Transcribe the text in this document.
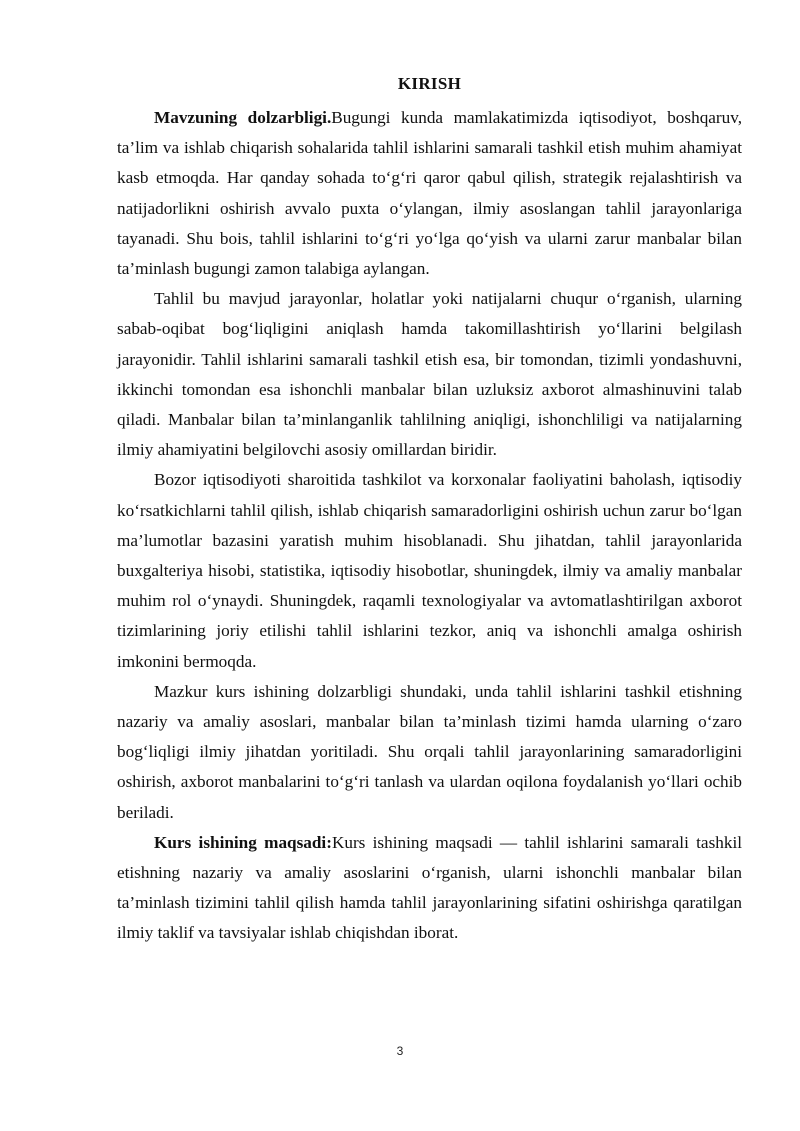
KIRISH

Mavzuning dolzarbligi.Bugungi kunda mamlakatimizda iqtisodiyot, boshqaruv, ta’lim va ishlab chiqarish sohalarida tahlil ishlarini samarali tashkil etish muhim ahamiyat kasb etmoqda. Har qanday sohada to‘g‘ri qaror qabul qilish, strategik rejalashtirish va natijadorlikni oshirish avvalo puxta o‘ylangan, ilmiy asoslangan tahlil jarayonlariga tayanadi. Shu bois, tahlil ishlarini to‘g‘ri yo‘lga qo‘yish va ularni zarur manbalar bilan ta’minlash bugungi zamon talabiga aylangan.

Tahlil bu mavjud jarayonlar, holatlar yoki natijalarni chuqur o‘rganish, ularning sabab-oqibat bog‘liqligini aniqlash hamda takomillashtirish yo‘llarini belgilash jarayonidir. Tahlil ishlarini samarali tashkil etish esa, bir tomondan, tizimli yondashuvni, ikkinchi tomondan esa ishonchli manbalar bilan uzluksiz axborot almashinuvini talab qiladi. Manbalar bilan ta’minlanganlik tahlilning aniqligi, ishonchliligi va natijalarning ilmiy ahamiyatini belgilovchi asosiy omillardan biridir.

Bozor iqtisodiyoti sharoitida tashkilot va korxonalar faoliyatini baholash, iqtisodiy ko‘rsatkichlarni tahlil qilish, ishlab chiqarish samaradorligini oshirish uchun zarur bo‘lgan ma’lumotlar bazasini yaratish muhim hisoblanadi. Shu jihatdan, tahlil jarayonlarida buxgalteriya hisobi, statistika, iqtisodiy hisobotlar, shuningdek, ilmiy va amaliy manbalar muhim rol o‘ynaydi. Shuningdek, raqamli texnologiyalar va avtomatlashtirilgan axborot tizimlarining joriy etilishi tahlil ishlarini tezkor, aniq va ishonchli amalga oshirish imkonini bermoqda.

Mazkur kurs ishining dolzarbligi shundaki, unda tahlil ishlarini tashkil etishning nazariy va amaliy asoslari, manbalar bilan ta’minlash tizimi hamda ularning o‘zaro bog‘liqligi ilmiy jihatdan yoritiladi. Shu orqali tahlil jarayonlarining samaradorligini oshirish, axborot manbalarini to‘g‘ri tanlash va ulardan oqilona foydalanish yo‘llari ochib beriladi.

Kurs ishining maqsadi:Kurs ishining maqsadi — tahlil ishlarini samarali tashkil etishning nazariy va amaliy asoslarini o‘rganish, ularni ishonchli manbalar bilan ta’minlash tizimini tahlil qilish hamda tahlil jarayonlarining sifatini oshirishga qaratilgan ilmiy taklif va tavsiyalar ishlab chiqishdan iborat.

3
